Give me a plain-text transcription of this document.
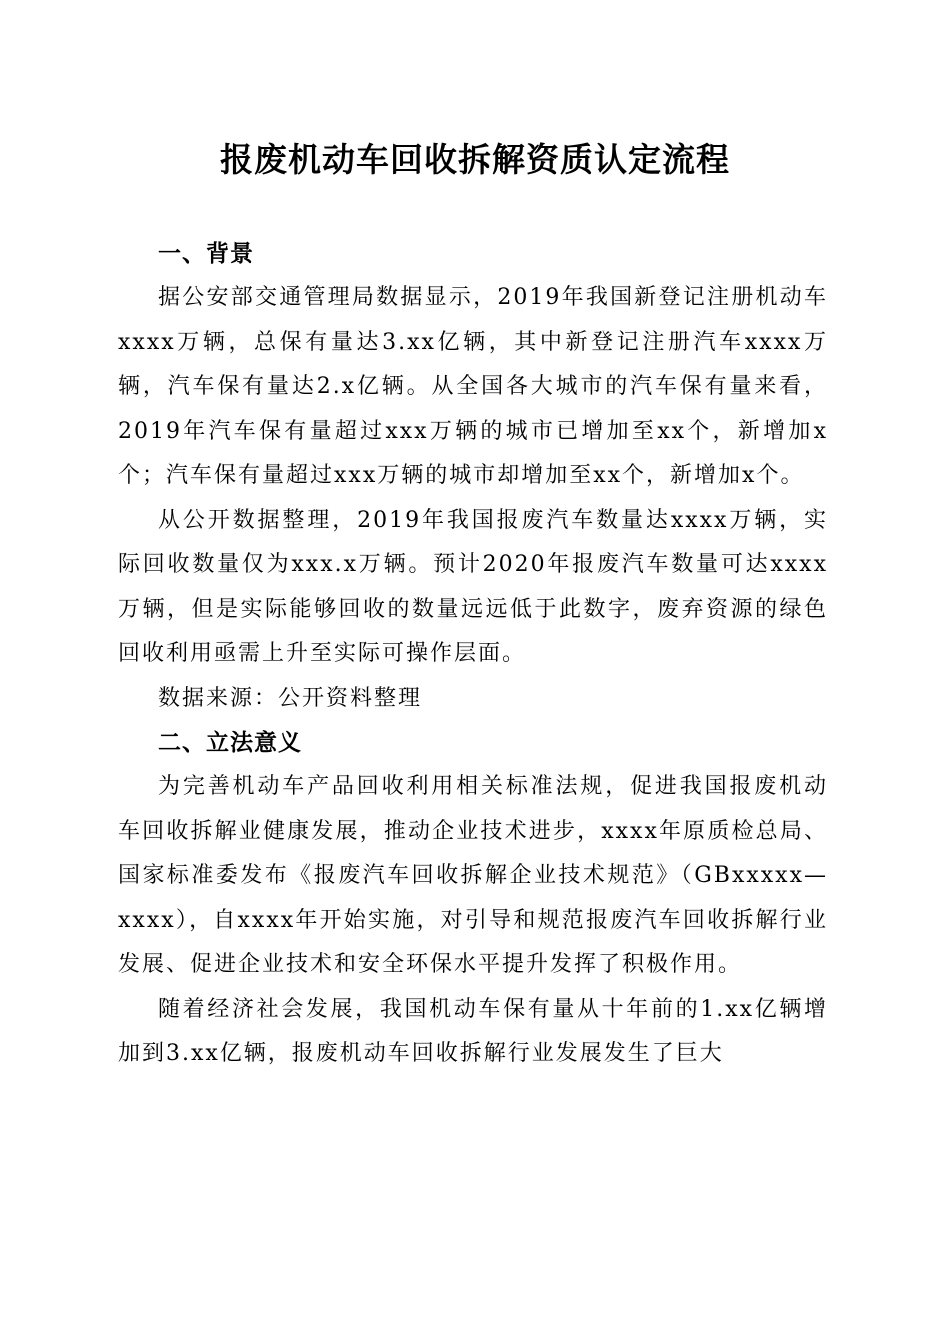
报废机动车回收拆解资质认定流程
一、背景

据公安部交通管理局数据显示，2019年我国新登记注册机动车xxxx万辆，总保有量达3.xx亿辆，其中新登记注册汽车xxxx万辆，汽车保有量达2.x亿辆。从全国各大城市的汽车保有量来看，2019年汽车保有量超过xxx万辆的城市已增加至xx个，新增加x个；汽车保有量超过xxx万辆的城市却增加至xx个，新增加x个。

从公开数据整理，2019年我国报废汽车数量达xxxx万辆，实际回收数量仅为xxx.x万辆。预计2020年报废汽车数量可达xxxx万辆，但是实际能够回收的数量远远低于此数字，废弃资源的绿色回收利用亟需上升至实际可操作层面。

数据来源：公开资料整理

二、立法意义

为完善机动车产品回收利用相关标准法规，促进我国报废机动车回收拆解业健康发展，推动企业技术进步，xxxx年原质检总局、国家标准委发布《报废汽车回收拆解企业技术规范》（GBxxxxx—xxxx），自xxxx年开始实施，对引导和规范报废汽车回收拆解行业发展、促进企业技术和安全环保水平提升发挥了积极作用。

随着经济社会发展，我国机动车保有量从十年前的1.xx亿辆增加到3.xx亿辆，报废机动车回收拆解行业发展发生了巨大
